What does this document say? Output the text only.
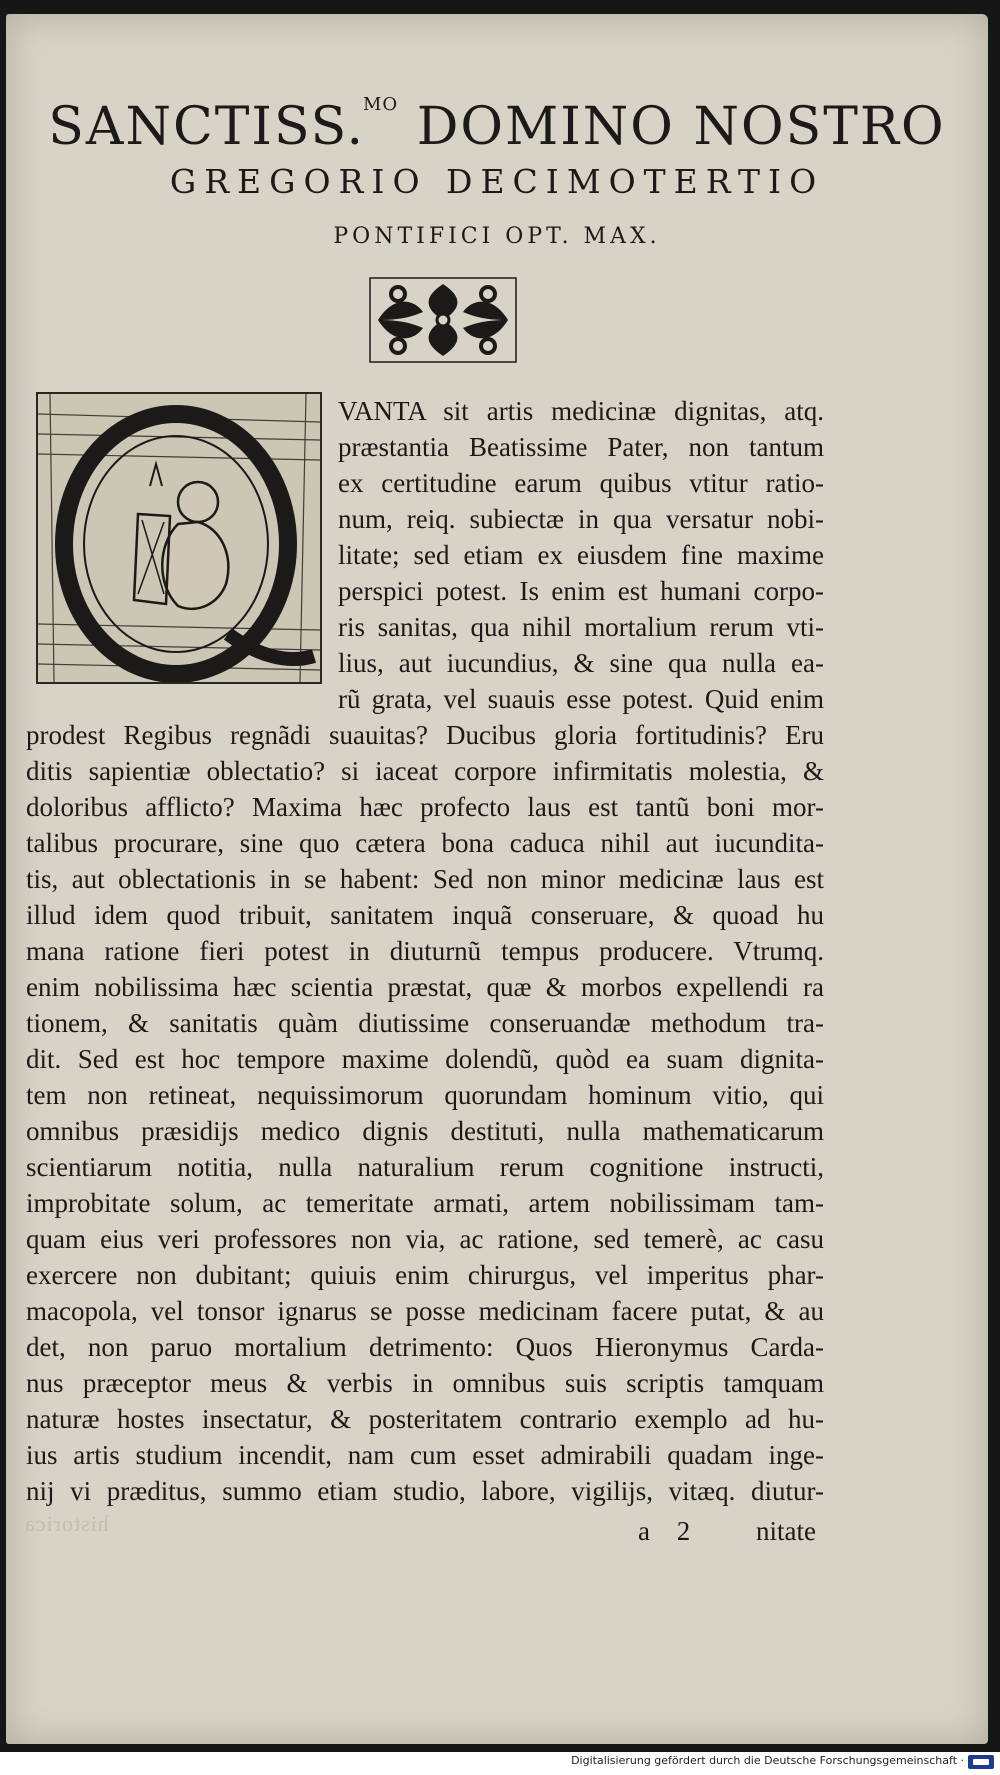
SANCTISS.$^{MO}$ DOMINO NOSTRO
GREGORIO DECIMOTERTIO
PONTIFICI OPT. MAX.
VANTA sit artis medicinæ dignitas, atq.
præstantia Beatissime Pater, non tantum
ex certitudine earum quibus vtitur ratio-
num, reiq. subiectæ in qua versatur nobi-
litate; sed etiam ex eiusdem fine maxime
perspici potest. Is enim est humani corpo-
ris sanitas, qua nihil mortalium rerum vti-
lius, aut iucundius, & sine qua nulla ea-
rũ grata, vel suauis esse potest. Quid enim
prodest Regibus regnãdi suauitas? Ducibus gloria fortitudinis? Eru
ditis sapientiæ oblectatio? si iaceat corpore infirmitatis molestia, &
doloribus afflicto? Maxima hæc profecto laus est tantũ boni mor-
talibus procurare, sine quo cætera bona caduca nihil aut iucundita-
tis, aut oblectationis in se habent: Sed non minor medicinæ laus est
illud idem quod tribuit, sanitatem inquã conseruare, & quoad hu
mana ratione fieri potest in diuturnũ tempus producere. Vtrumq.
enim nobilissima hæc scientia præstat, quæ & morbos expellendi ra
tionem, & sanitatis quàm diutissime conseruandæ methodum tra-
dit. Sed est hoc tempore maxime dolendũ, quòd ea suam dignita-
tem non retineat, nequissimorum quorundam hominum vitio, qui
omnibus præsidijs medico dignis destituti, nulla mathematicarum
scientiarum notitia, nulla naturalium rerum cognitione instructi,
improbitate solum, ac temeritate armati, artem nobilissimam tam-
quam eius veri professores non via, ac ratione, sed temerè, ac casu
exercere non dubitant; quiuis enim chirurgus, vel imperitus phar-
macopola, vel tonsor ignarus se posse medicinam facere putat, & au
det, non paruo mortalium detrimento: Quos Hieronymus Carda-
nus præceptor meus & verbis in omnibus suis scriptis tamquam
naturæ hostes insectatur, & posteritatem contrario exemplo ad hu-
ius artis studium incendit, nam cum esset admirabili quadam inge-
nij vi præditus, summo etiam studio, labore, vigilijs, vitæq. diutur-
historica	a 2 nitate
Digitalisierung gefördert durch die Deutsche Forschungsgemeinschaft ·
